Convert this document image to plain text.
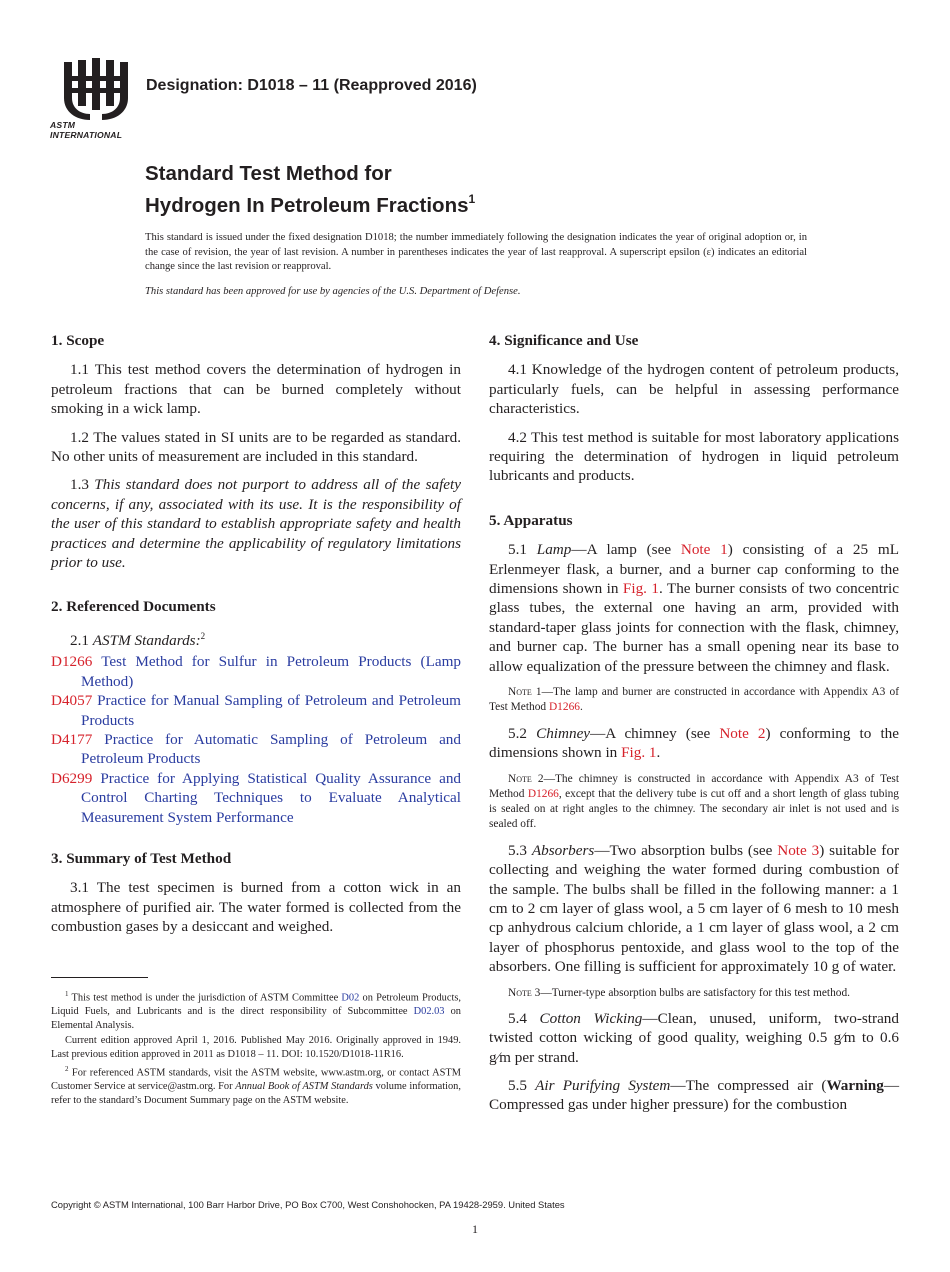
ASTM INTERNATIONAL
Designation: D1018 – 11 (Reapproved 2016)
Standard Test Method for
Hydrogen In Petroleum Fractions$^1$
This standard is issued under the fixed designation D1018; the number immediately following the designation indicates the year of original adoption or, in the case of revision, the year of last revision. A number in parentheses indicates the year of last reapproval. A superscript epsilon (ε) indicates an editorial change since the last revision or reapproval.
This standard has been approved for use by agencies of the U.S. Department of Defense.
1. Scope

1.1 This test method covers the determination of hydrogen in petroleum fractions that can be burned completely without smoking in a wick lamp.

1.2 The values stated in SI units are to be regarded as standard. No other units of measurement are included in this standard.

1.3 This standard does not purport to address all of the safety concerns, if any, associated with its use. It is the responsibility of the user of this standard to establish appropriate safety and health practices and determine the applicability of regulatory limitations prior to use.

2. Referenced Documents

2.1 ASTM Standards:$^2$

D1266 Test Method for Sulfur in Petroleum Products (Lamp Method)

D4057 Practice for Manual Sampling of Petroleum and Petroleum Products

D4177 Practice for Automatic Sampling of Petroleum and Petroleum Products

D6299 Practice for Applying Statistical Quality Assurance and Control Charting Techniques to Evaluate Analytical Measurement System Performance

3. Summary of Test Method

3.1 The test specimen is burned from a cotton wick in an atmosphere of purified air. The water formed is collected from the combustion gases by a desiccant and weighed.

4. Significance and Use

4.1 Knowledge of the hydrogen content of petroleum products, particularly fuels, can be helpful in assessing performance characteristics.

4.2 This test method is suitable for most laboratory applications requiring the determination of hydrogen in liquid petroleum lubricants and products.

5. Apparatus

5.1 Lamp—A lamp (see Note 1) consisting of a 25 mL Erlenmeyer flask, a burner, and a burner cap conforming to the dimensions shown in Fig. 1. The burner consists of two concentric glass tubes, the external one having an arm, provided with standard-taper glass joints for connection with the flask, chimney, and burner cap. The burner has a small opening near its base to allow equalization of the pressure between the chimney and flask.

Note 1—The lamp and burner are constructed in accordance with Appendix A3 of Test Method D1266.

5.2 Chimney—A chimney (see Note 2) conforming to the dimensions shown in Fig. 1.

Note 2—The chimney is constructed in accordance with Appendix A3 of Test Method D1266, except that the delivery tube is cut off and a short length of glass tubing is sealed on at right angles to the chimney. The secondary air inlet is not used and is sealed off.

5.3 Absorbers—Two absorption bulbs (see Note 3) suitable for collecting and weighing the water formed during combustion of the sample. The bulbs shall be filled in the following manner: a 1 cm to 2 cm layer of glass wool, a 5 cm layer of 6 mesh to 10 mesh cp anhydrous calcium chloride, a 1 cm layer of glass wool, a 2 cm layer of phosphorus pentoxide, and glass wool to the top of the absorbers. One filling is sufficient for approximately 10 g of water.

Note 3—Turner-type absorption bulbs are satisfactory for this test method.

5.4 Cotton Wicking—Clean, unused, uniform, two-strand twisted cotton wicking of good quality, weighing 0.5 g⁄m to 0.6 g⁄m per strand.

5.5 Air Purifying System—The compressed air (Warning—Compressed gas under higher pressure) for the combustion

$^1$ This test method is under the jurisdiction of ASTM Committee D02 on Petroleum Products, Liquid Fuels, and Lubricants and is the direct responsibility of Subcommittee D02.03 on Elemental Analysis.

Current edition approved April 1, 2016. Published May 2016. Originally approved in 1949. Last previous edition approved in 2011 as D1018 – 11. DOI: 10.1520/D1018-11R16.

$^2$ For referenced ASTM standards, visit the ASTM website, www.astm.org, or contact ASTM Customer Service at service@astm.org. For Annual Book of ASTM Standards volume information, refer to the standard’s Document Summary page on the ASTM website.

Copyright © ASTM International, 100 Barr Harbor Drive, PO Box C700, West Conshohocken, PA 19428-2959. United States
1
